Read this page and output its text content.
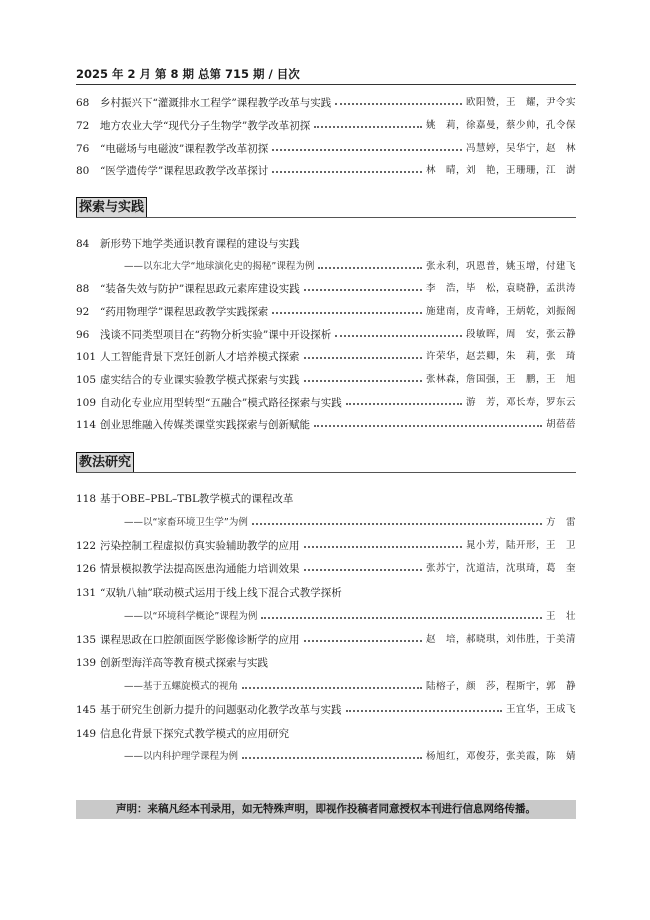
2025 年 2 月 第 8 期 总第 715 期 / 目次
68	乡村振兴下“灌溉排水工程学”课程教学改革与实践	欧阳赞，王　耀，尹令实
72	地方农业大学“现代分子生物学”教学改革初探	姚　莉，徐嘉曼，蔡少帅，孔令保
76	“电磁场与电磁波”课程教学改革初探	冯慧婷，吴华宁，赵　林
80	“医学遗传学”课程思政教学改革探讨	林　晴，刘　艳，王珊珊，江　澍
探索与实践
84	新形势下地学类通识教育课程的建设与实践
——以东北大学“地球演化史的揭秘”课程为例	张永利，巩恩普，姚玉增，付建飞
88	“装备失效与防护”课程思政元素库建设实践	李　浩，毕　松，袁晓静，孟洪涛
92	“药用物理学”课程思政教学实践探索	施建南，皮青峰，王炳乾，刘振阁
96	浅谈不同类型项目在“药物分析实验”课中开设探析	段敏晖，周　安，张云静
101 人工智能背景下烹饪创新人才培养模式探索	许荣华，赵芸卿，朱　莉，张　琦
105 虚实结合的专业课实验教学模式探索与实践	张林森，詹国强，王　鹏，王　旭
109 自动化专业应用型转型“五融合”模式路径探索与实践	游　芳，邓长寿，罗东云
114 创业思维融入传媒类课堂实践探索与创新赋能	胡蓓蓓
教法研究
118 基于OBE–PBL–TBL教学模式的课程改革
——以“家畜环境卫生学”为例	方　雷
122 污染控制工程虚拟仿真实验辅助教学的应用	晁小芳，陆开形，王　卫
126 情景模拟教学法提高医患沟通能力培训效果	张苏宁，沈道洁，沈琪琦，葛　奎
131 “双轨八轴”联动模式运用于线上线下混合式教学探析
——以“环境科学概论”课程为例	王　壮
135 课程思政在口腔颌面医学影像诊断学的应用	赵　培，郝晓琪，刘伟胜，于美清
139 创新型海洋高等教育模式探索与实践
——基于五螺旋模式的视角	陆榕子，颜　莎，程斯宇，郭　静
145 基于研究生创新力提升的问题驱动化教学改革与实践	王宜华，王成飞
149 信息化背景下探究式教学模式的应用研究
——以内科护理学课程为例	杨旭红，邓俊芬，张美霞，陈　婧
声明：来稿凡经本刊录用，如无特殊声明，即视作投稿者同意授权本刊进行信息网络传播。
